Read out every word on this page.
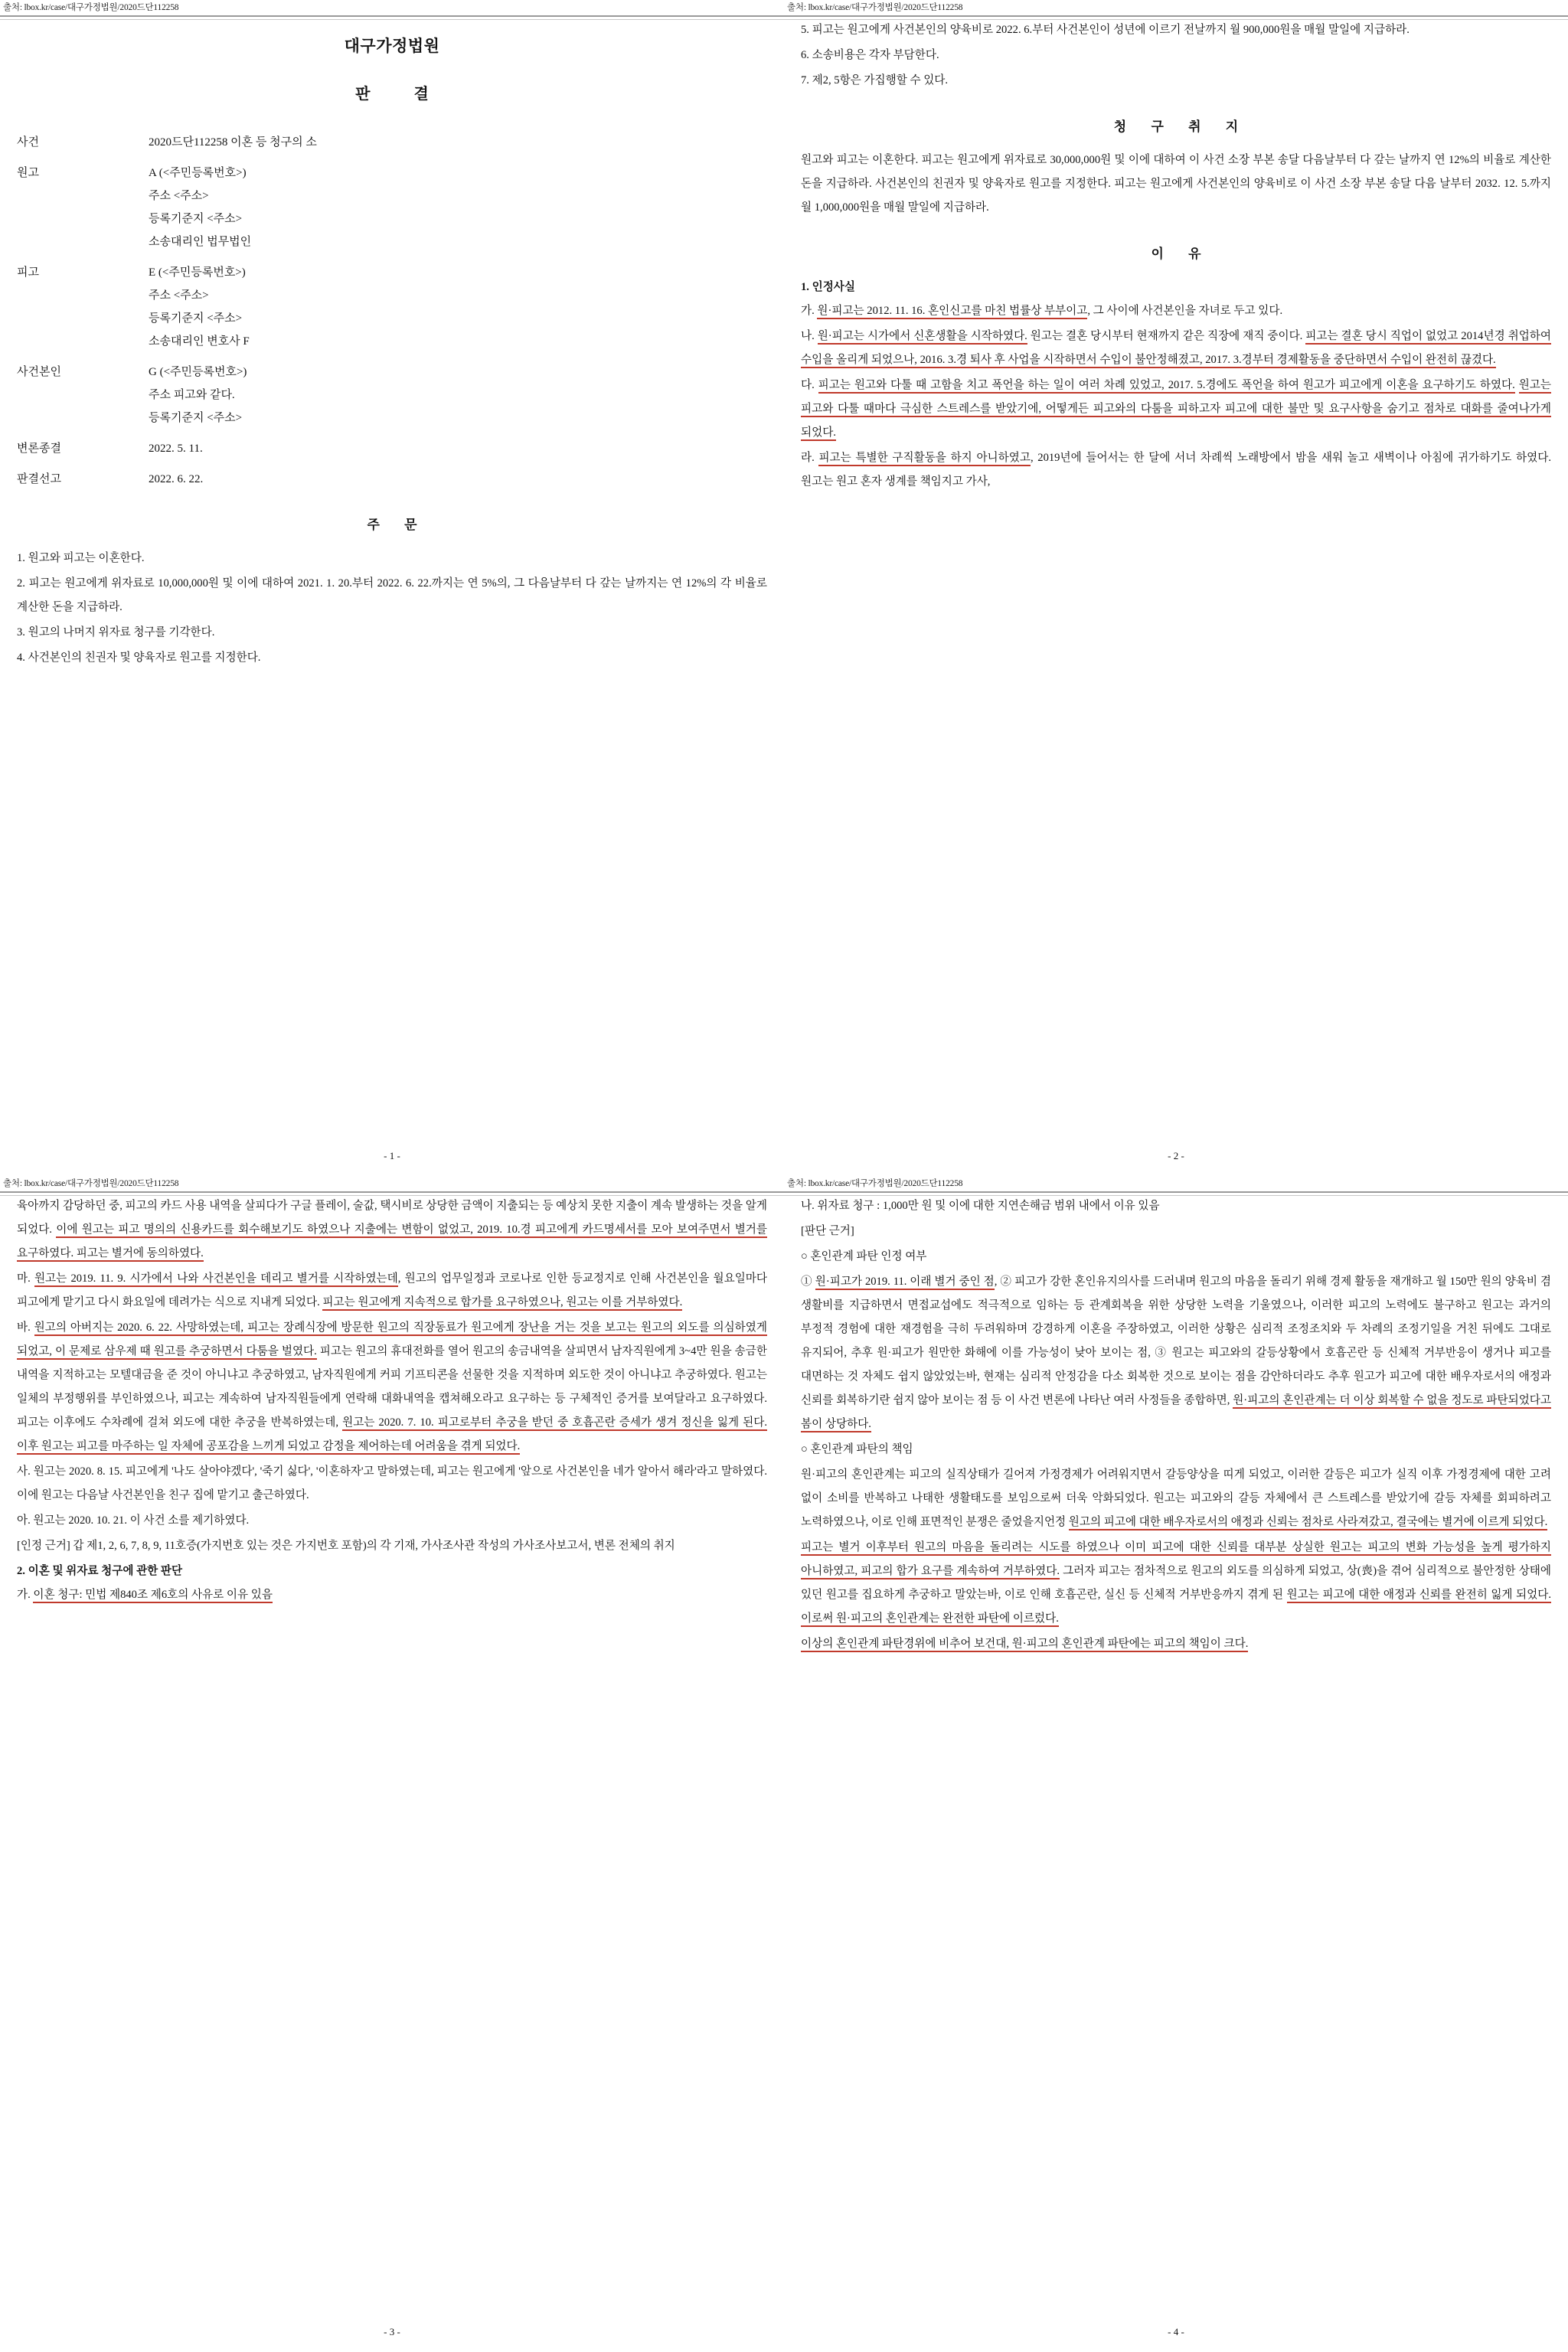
출처: lbox.kr/case/대구가정법원/2020드단112258
대구가정법원
판 결
사건	2020드단112258 이혼 등 청구의 소
원고	A (<주민등록번호>)
주소 <주소>
등록기준지 <주소>
소송대리인 법무법인
피고	E (<주민등록번호>)
주소 <주소>
등록기준지 <주소>
소송대리인 변호사 F
사건본인	G (<주민등록번호>)
주소 피고와 같다.
등록기준지 <주소>
변론종결	2022. 5. 11.
판결선고	2022. 6. 22.
주 문

1. 원고와 피고는 이혼한다.

2. 피고는 원고에게 위자료로 10,000,000원 및 이에 대하여 2021. 1. 20.부터 2022. 6. 22.까지는 연 5%의, 그 다음날부터 다 갚는 날까지는 연 12%의 각 비율로 계산한 돈을 지급하라.

3. 원고의 나머지 위자료 청구를 기각한다.

4. 사건본인의 친권자 및 양육자로 원고를 지정한다.

- 1 -
출처: lbox.kr/case/대구가정법원/2020드단112258

5. 피고는 원고에게 사건본인의 양육비로 2022. 6.부터 사건본인이 성년에 이르기 전날까지 월 900,000원을 매월 말일에 지급하라.

6. 소송비용은 각자 부담한다.

7. 제2, 5항은 가집행할 수 있다.

청 구 취 지

원고와 피고는 이혼한다. 피고는 원고에게 위자료로 30,000,000원 및 이에 대하여 이 사건 소장 부본 송달 다음날부터 다 갚는 날까지 연 12%의 비율로 계산한 돈을 지급하라. 사건본인의 친권자 및 양육자로 원고를 지정한다. 피고는 원고에게 사건본인의 양육비로 이 사건 소장 부본 송달 다음 날부터 2032. 12. 5.까지 월 1,000,000원을 매월 말일에 지급하라.

이 유

1. 인정사실

가. 원·피고는 2012. 11. 16. 혼인신고를 마친 법률상 부부이고, 그 사이에 사건본인을 자녀로 두고 있다.

나. 원·피고는 시가에서 신혼생활을 시작하였다. 원고는 결혼 당시부터 현재까지 같은 직장에 재직 중이다. 피고는 결혼 당시 직업이 없었고 2014년경 취업하여 수입을 올리게 되었으나, 2016. 3.경 퇴사 후 사업을 시작하면서 수입이 불안정해졌고, 2017. 3.경부터 경제활동을 중단하면서 수입이 완전히 끊겼다.

다. 피고는 원고와 다툴 때 고함을 치고 폭언을 하는 일이 여러 차례 있었고, 2017. 5.경에도 폭언을 하여 원고가 피고에게 이혼을 요구하기도 하였다. 원고는 피고와 다툴 때마다 극심한 스트레스를 받았기에, 어떻게든 피고와의 다툼을 피하고자 피고에 대한 불만 및 요구사항을 숨기고 점차로 대화를 줄여나가게 되었다.

라. 피고는 특별한 구직활동을 하지 아니하였고, 2019년에 들어서는 한 달에 서너 차례씩 노래방에서 밤을 새워 놀고 새벽이나 아침에 귀가하기도 하였다. 원고는 원고 혼자 생계를 책임지고 가사,

- 2 -
출처: lbox.kr/case/대구가정법원/2020드단112258

육아까지 감당하던 중, 피고의 카드 사용 내역을 살피다가 구글 플레이, 술값, 택시비로 상당한 금액이 지출되는 등 예상치 못한 지출이 계속 발생하는 것을 알게 되었다. 이에 원고는 피고 명의의 신용카드를 회수해보기도 하였으나 지출에는 변함이 없었고, 2019. 10.경 피고에게 카드명세서를 모아 보여주면서 별거를 요구하였다. 피고는 별거에 동의하였다.

마. 원고는 2019. 11. 9. 시가에서 나와 사건본인을 데리고 별거를 시작하였는데, 원고의 업무일정과 코로나로 인한 등교정지로 인해 사건본인을 월요일마다 피고에게 맡기고 다시 화요일에 데려가는 식으로 지내게 되었다. 피고는 원고에게 지속적으로 합가를 요구하였으나, 원고는 이를 거부하였다.

바. 원고의 아버지는 2020. 6. 22. 사망하였는데, 피고는 장례식장에 방문한 원고의 직장동료가 원고에게 장난을 거는 것을 보고는 원고의 외도를 의심하였게 되었고, 이 문제로 삼우제 때 원고를 추궁하면서 다툼을 벌였다. 피고는 원고의 휴대전화를 열어 원고의 송금내역을 살피면서 남자직원에게 3~4만 원을 송금한 내역을 지적하고는 모텔대금을 준 것이 아니냐고 추궁하였고, 남자직원에게 커피 기프티콘을 선물한 것을 지적하며 외도한 것이 아니냐고 추궁하였다. 원고는 일체의 부정행위를 부인하였으나, 피고는 계속하여 남자직원들에게 연락해 대화내역을 캡쳐해오라고 요구하는 등 구체적인 증거를 보여달라고 요구하였다. 피고는 이후에도 수차례에 걸쳐 외도에 대한 추궁을 반복하였는데, 원고는 2020. 7. 10. 피고로부터 추궁을 받던 중 호흡곤란 증세가 생겨 정신을 잃게 된다. 이후 원고는 피고를 마주하는 일 자체에 공포감을 느끼게 되었고 감정을 제어하는데 어려움을 겪게 되었다.

사. 원고는 2020. 8. 15. 피고에게 '나도 살아야겠다', '죽기 싫다', '이혼하자'고 말하였는데, 피고는 원고에게 '앞으로 사건본인을 네가 알아서 해라'라고 말하였다. 이에 원고는 다음날 사건본인을 친구 집에 맡기고 출근하였다.

아. 원고는 2020. 10. 21. 이 사건 소를 제기하였다.

[인정 근거] 갑 제1, 2, 6, 7, 8, 9, 11호증(가지번호 있는 것은 가지번호 포함)의 각 기재, 가사조사관 작성의 가사조사보고서, 변론 전체의 취지

2. 이혼 및 위자료 청구에 관한 판단

가. 이혼 청구: 민법 제840조 제6호의 사유로 이유 있음

- 3 -
출처: lbox.kr/case/대구가정법원/2020드단112258

나. 위자료 청구 : 1,000만 원 및 이에 대한 지연손해금 범위 내에서 이유 있음

[판단 근거]

○ 혼인관계 파탄 인정 여부

① 원·피고가 2019. 11. 이래 별거 중인 점, ② 피고가 강한 혼인유지의사를 드러내며 원고의 마음을 돌리기 위해 경제 활동을 재개하고 월 150만 원의 양육비 겸 생활비를 지급하면서 면접교섭에도 적극적으로 임하는 등 관계회복을 위한 상당한 노력을 기울였으나, 이러한 피고의 노력에도 불구하고 원고는 과거의 부정적 경험에 대한 재경험을 극히 두려워하며 강경하게 이혼을 주장하였고, 이러한 상황은 심리적 조정조치와 두 차례의 조정기일을 거친 뒤에도 그대로 유지되어, 추후 원·피고가 원만한 화해에 이를 가능성이 낮아 보이는 점, ③ 원고는 피고와의 갈등상황에서 호흡곤란 등 신체적 거부반응이 생거나 피고를 대면하는 것 자체도 쉽지 않았었는바, 현재는 심리적 안정감을 다소 회복한 것으로 보이는 점을 감안하더라도 추후 원고가 피고에 대한 배우자로서의 애정과 신뢰를 회복하기란 쉽지 않아 보이는 점 등 이 사건 변론에 나타난 여러 사정들을 종합하면, 원·피고의 혼인관계는 더 이상 회복할 수 없을 정도로 파탄되었다고 봄이 상당하다.

○ 혼인관계 파탄의 책임

원·피고의 혼인관계는 피고의 실직상태가 길어져 가정경제가 어려워지면서 갈등양상을 띠게 되었고, 이러한 갈등은 피고가 실직 이후 가정경제에 대한 고려 없이 소비를 반복하고 나태한 생활태도를 보임으로써 더욱 악화되었다. 원고는 피고와의 갈등 자체에서 큰 스트레스를 받았기에 갈등 자체를 회피하려고 노력하였으나, 이로 인해 표면적인 분쟁은 줄었을지언정 원고의 피고에 대한 배우자로서의 애정과 신뢰는 점차로 사라져갔고, 결국에는 별거에 이르게 되었다.

피고는 별거 이후부터 원고의 마음을 돌리려는 시도를 하였으나 이미 피고에 대한 신뢰를 대부분 상실한 원고는 피고의 변화 가능성을 높게 평가하지 아니하였고, 피고의 합가 요구를 계속하여 거부하였다. 그러자 피고는 점차적으로 원고의 외도를 의심하게 되었고, 상(喪)을 겪어 심리적으로 불안정한 상태에 있던 원고를 집요하게 추궁하고 말았는바, 이로 인해 호흡곤란, 실신 등 신체적 거부반응까지 겪게 된 원고는 피고에 대한 애정과 신뢰를 완전히 잃게 되었다. 이로써 원·피고의 혼인관계는 완전한 파탄에 이르렀다.

이상의 혼인관계 파탄경위에 비추어 보건대, 원·피고의 혼인관계 파탄에는 피고의 책임이 크다.

- 4 -
